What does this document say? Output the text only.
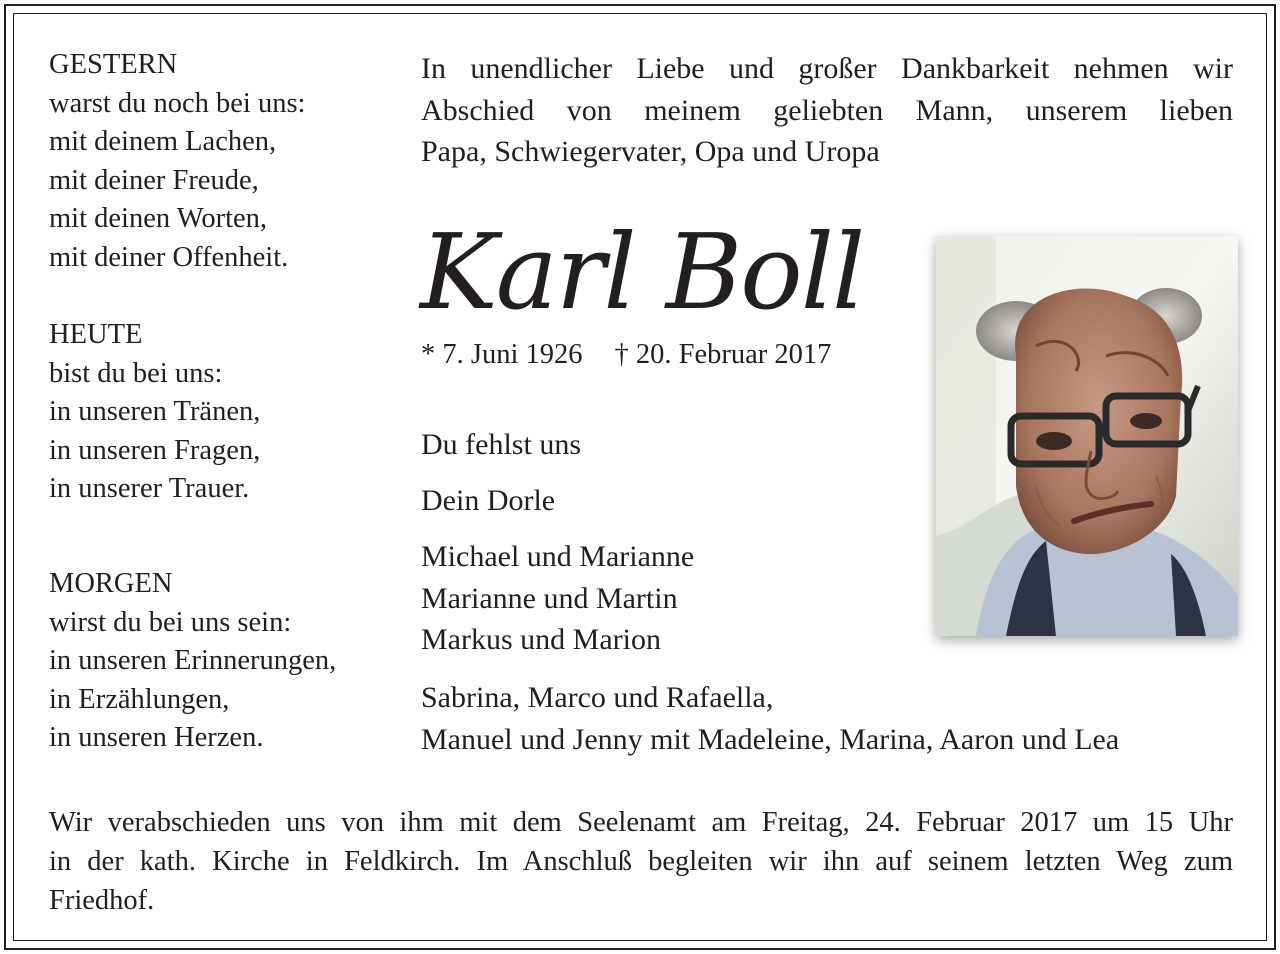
GESTERN
warst du noch bei uns:
mit deinem Lachen,
mit deiner Freude,
mit deinen Worten,
mit deiner Offenheit.
HEUTE
bist du bei uns:
in unseren Tränen,
in unseren Fragen,
in unserer Trauer.
MORGEN
wirst du bei uns sein:
in unseren Erinnerungen,
in Erzählungen,
in unseren Herzen.
In unendlicher Liebe und großer Dankbarkeit nehmen wir
Abschied von meinem geliebten Mann, unserem lieben
Papa, Schwiegervater, Opa und Uropa
Karl Boll
* 7. Juni 1926 † 20. Februar 2017
Du fehlst uns
Dein Dorle
Michael und Marianne
Marianne und Martin
Markus und Marion
Sabrina, Marco und Rafaella,
Manuel und Jenny mit Madeleine, Marina, Aaron und Lea
Wir verabschieden uns von ihm mit dem Seelenamt am Freitag, 24. Februar 2017 um 15 Uhr
in der kath. Kirche in Feldkirch. Im Anschluß begleiten wir ihn auf seinem letzten Weg zum
Friedhof.
